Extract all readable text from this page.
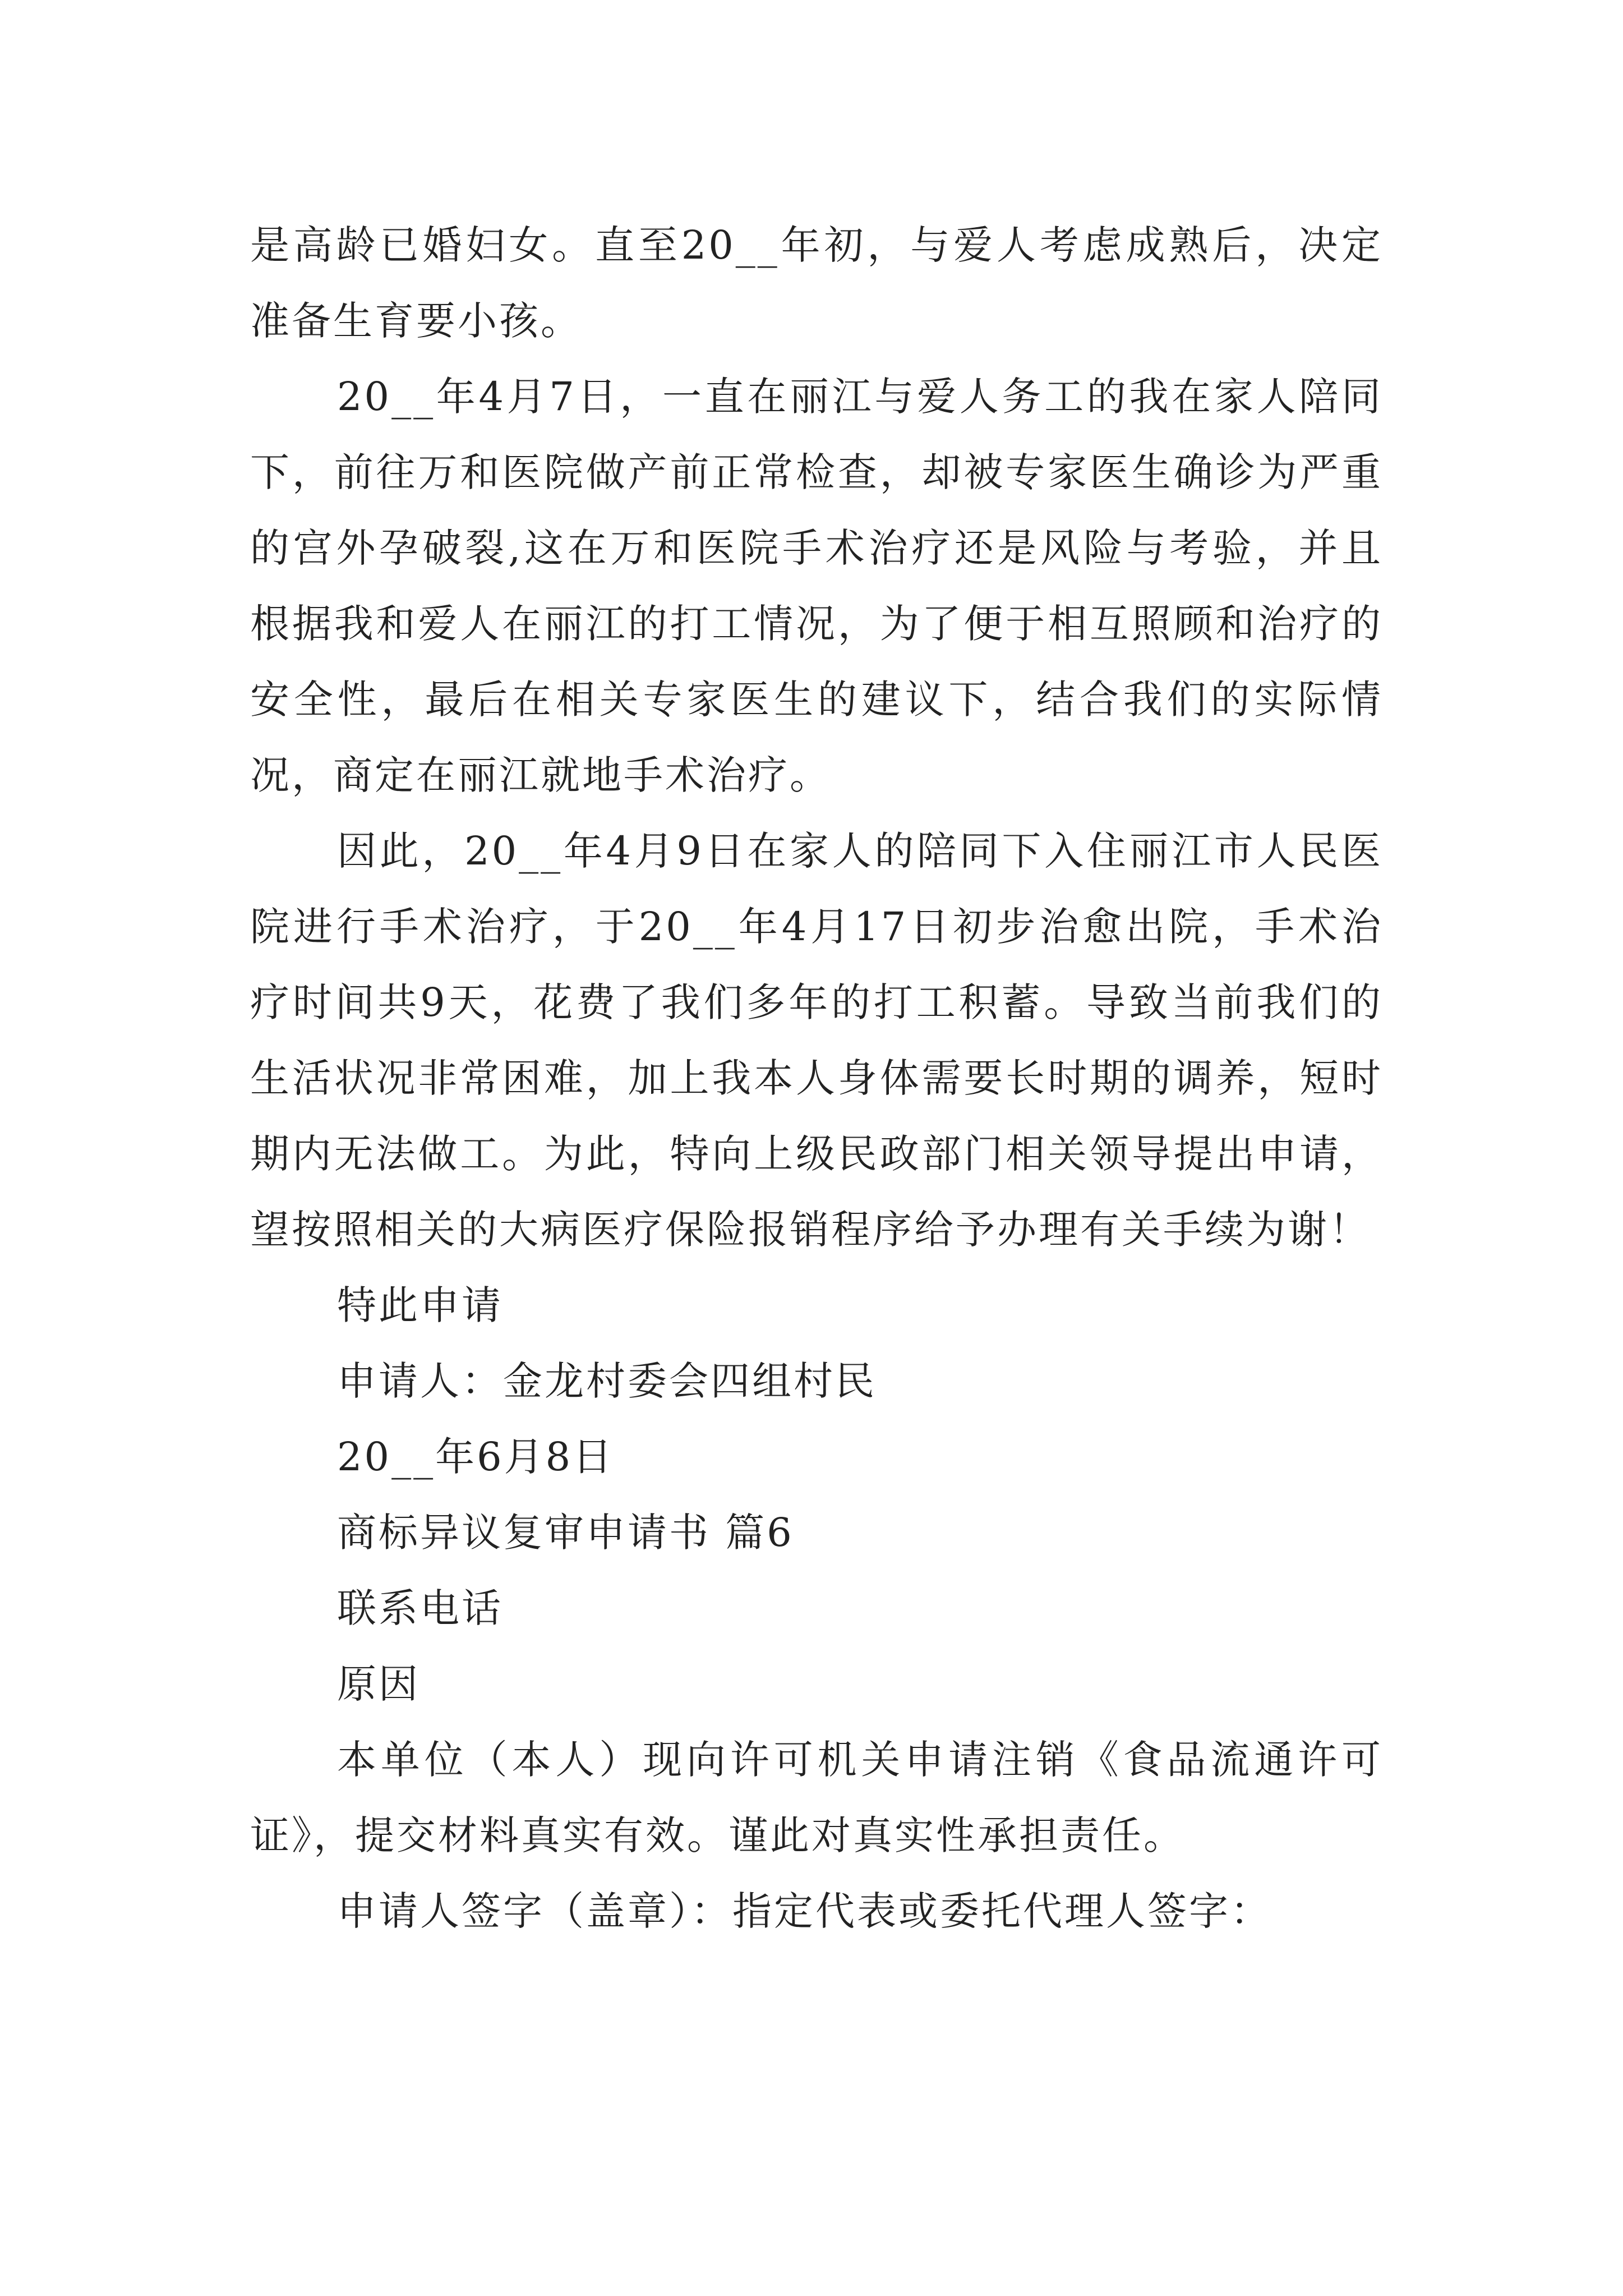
是高龄已婚妇女。直至20__年初，与爱人考虑成熟后，决定准备生育要小孩。

20__年4月7日，一直在丽江与爱人务工的我在家人陪同下，前往万和医院做产前正常检查，却被专家医生确诊为严重的宫外孕破裂,这在万和医院手术治疗还是风险与考验，并且根据我和爱人在丽江的打工情况，为了便于相互照顾和治疗的安全性，最后在相关专家医生的建议下，结合我们的实际情况，商定在丽江就地手术治疗。

因此，20__年4月9日在家人的陪同下入住丽江市人民医院进行手术治疗，于20__年4月17日初步治愈出院，手术治疗时间共9天，花费了我们多年的打工积蓄。导致当前我们的生活状况非常困难，加上我本人身体需要长时期的调养，短时期内无法做工。为此，特向上级民政部门相关领导提出申请，望按照相关的大病医疗保险报销程序给予办理有关手续为谢！

特此申请

申请人：金龙村委会四组村民

20__年6月8日

商标异议复审申请书 篇6

联系电话

原因

本单位（本人）现向许可机关申请注销《食品流通许可证》，提交材料真实有效。谨此对真实性承担责任。

申请人签字（盖章）：指定代表或委托代理人签字：
